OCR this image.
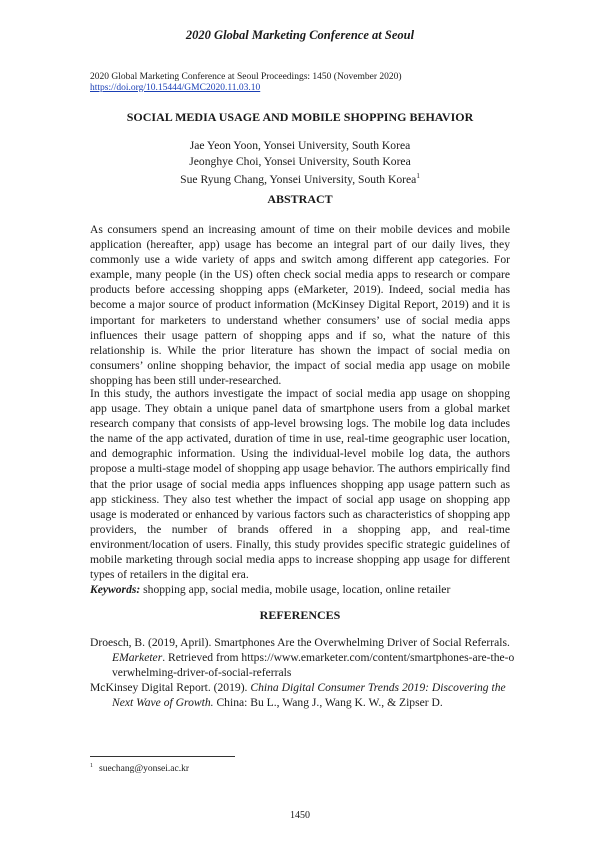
2020 Global Marketing Conference at Seoul
2020 Global Marketing Conference at Seoul Proceedings: 1450 (November 2020)
https://doi.org/10.15444/GMC2020.11.03.10
SOCIAL MEDIA USAGE AND MOBILE SHOPPING BEHAVIOR
Jae Yeon Yoon, Yonsei University, South Korea
Jeonghye Choi, Yonsei University, South Korea
Sue Ryung Chang, Yonsei University, South Korea$^1$
ABSTRACT

As consumers spend an increasing amount of time on their mobile devices and mobile application (hereafter, app) usage has become an integral part of our daily lives, they commonly use a wide variety of apps and switch among different app categories. For example, many people (in the US) often check social media apps to research or compare products before accessing shopping apps (eMarketer, 2019). Indeed, social media has become a major source of product information (McKinsey Digital Report, 2019) and it is important for marketers to understand whether consumers’ use of social media apps influences their usage pattern of shopping apps and if so, what the nature of this relationship is. While the prior literature has shown the impact of social media on consumers’ online shopping behavior, the impact of social media app usage on mobile shopping has been still under-researched.

In this study, the authors investigate the impact of social media app usage on shopping app usage. They obtain a unique panel data of smartphone users from a global market research company that consists of app-level browsing logs. The mobile log data includes the name of the app activated, duration of time in use, real-time geographic user location, and demographic information. Using the individual-level mobile log data, the authors propose a multi-stage model of shopping app usage behavior. The authors empirically find that the prior usage of social media apps influences shopping app usage pattern such as app stickiness. They also test whether the impact of social app usage on shopping app usage is moderated or enhanced by various factors such as characteristics of shopping app providers, the number of brands offered in a shopping app, and real-time environment/location of users. Finally, this study provides specific strategic guidelines of mobile marketing through social media apps to increase shopping app usage for different types of retailers in the digital era.

Keywords: shopping app, social media, mobile usage, location, online retailer
REFERENCES

Droesch, B. (2019, April). Smartphones Are the Overwhelming Driver of Social Referrals. EMarketer. Retrieved from https://www.emarketer.com/content/smartphones-are-the-overwhelming-driver-of-social-referrals

McKinsey Digital Report. (2019). China Digital Consumer Trends 2019: Discovering the Next Wave of Growth. China: Bu L., Wang J., Wang K. W., & Zipser D.

$^1$ suechang@yonsei.ac.kr
1450
